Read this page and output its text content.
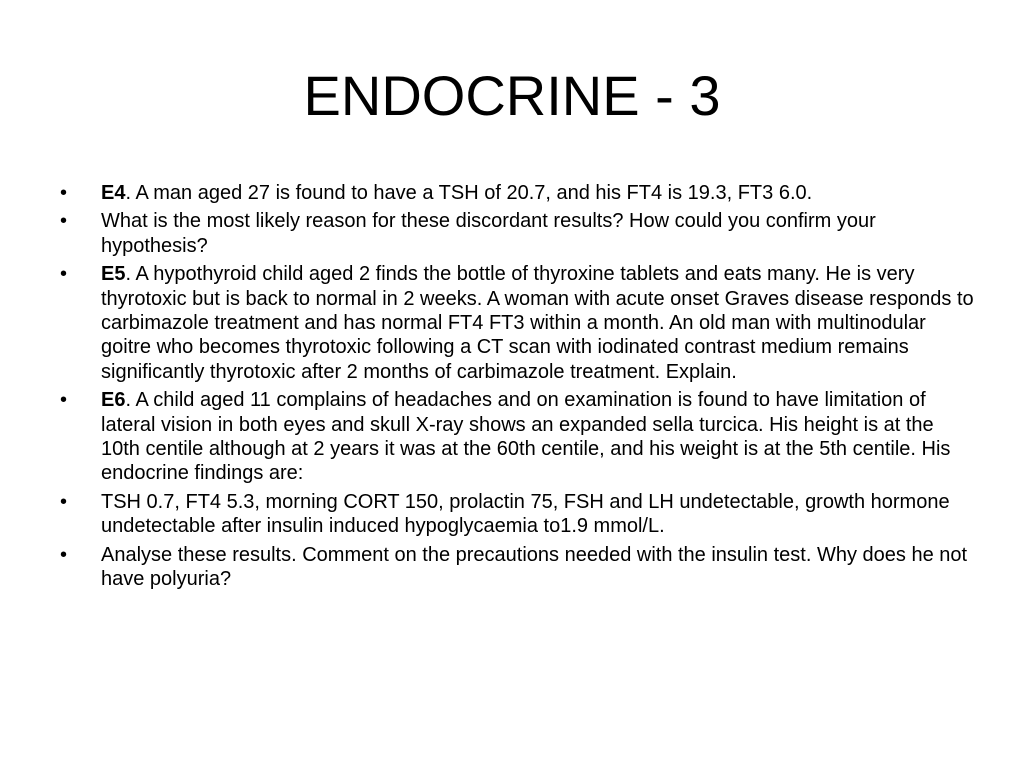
ENDOCRINE - 3
•	E4. A man aged 27 is found to have a TSH of 20.7, and his FT4 is 19.3, FT3 6.0.
•	What is the most likely reason for these discordant results? How could you confirm your hypothesis?
•	E5. A hypothyroid child aged 2 finds the bottle of thyroxine tablets and eats many. He is very thyrotoxic but is back to normal in 2 weeks. A woman with acute onset Graves disease responds to carbimazole treatment and has normal FT4 FT3 within a month. An old man with multinodular goitre who becomes thyrotoxic following a CT scan with iodinated contrast medium remains significantly thyrotoxic after 2 months of carbimazole treatment. Explain.
•	E6. A child aged 11 complains of headaches and on examination is found to have limitation of lateral vision in both eyes and skull X-ray shows an expanded sella turcica. His height is at the 10th centile although at 2 years it was at the 60th centile, and his weight is at the 5th centile. His endocrine findings are:
•	TSH 0.7, FT4 5.3, morning CORT 150, prolactin 75, FSH and LH undetectable, growth hormone undetectable after insulin induced hypoglycaemia to1.9 mmol/L.
•	Analyse these results. Comment on the precautions needed with the insulin test. Why does he not have polyuria?
